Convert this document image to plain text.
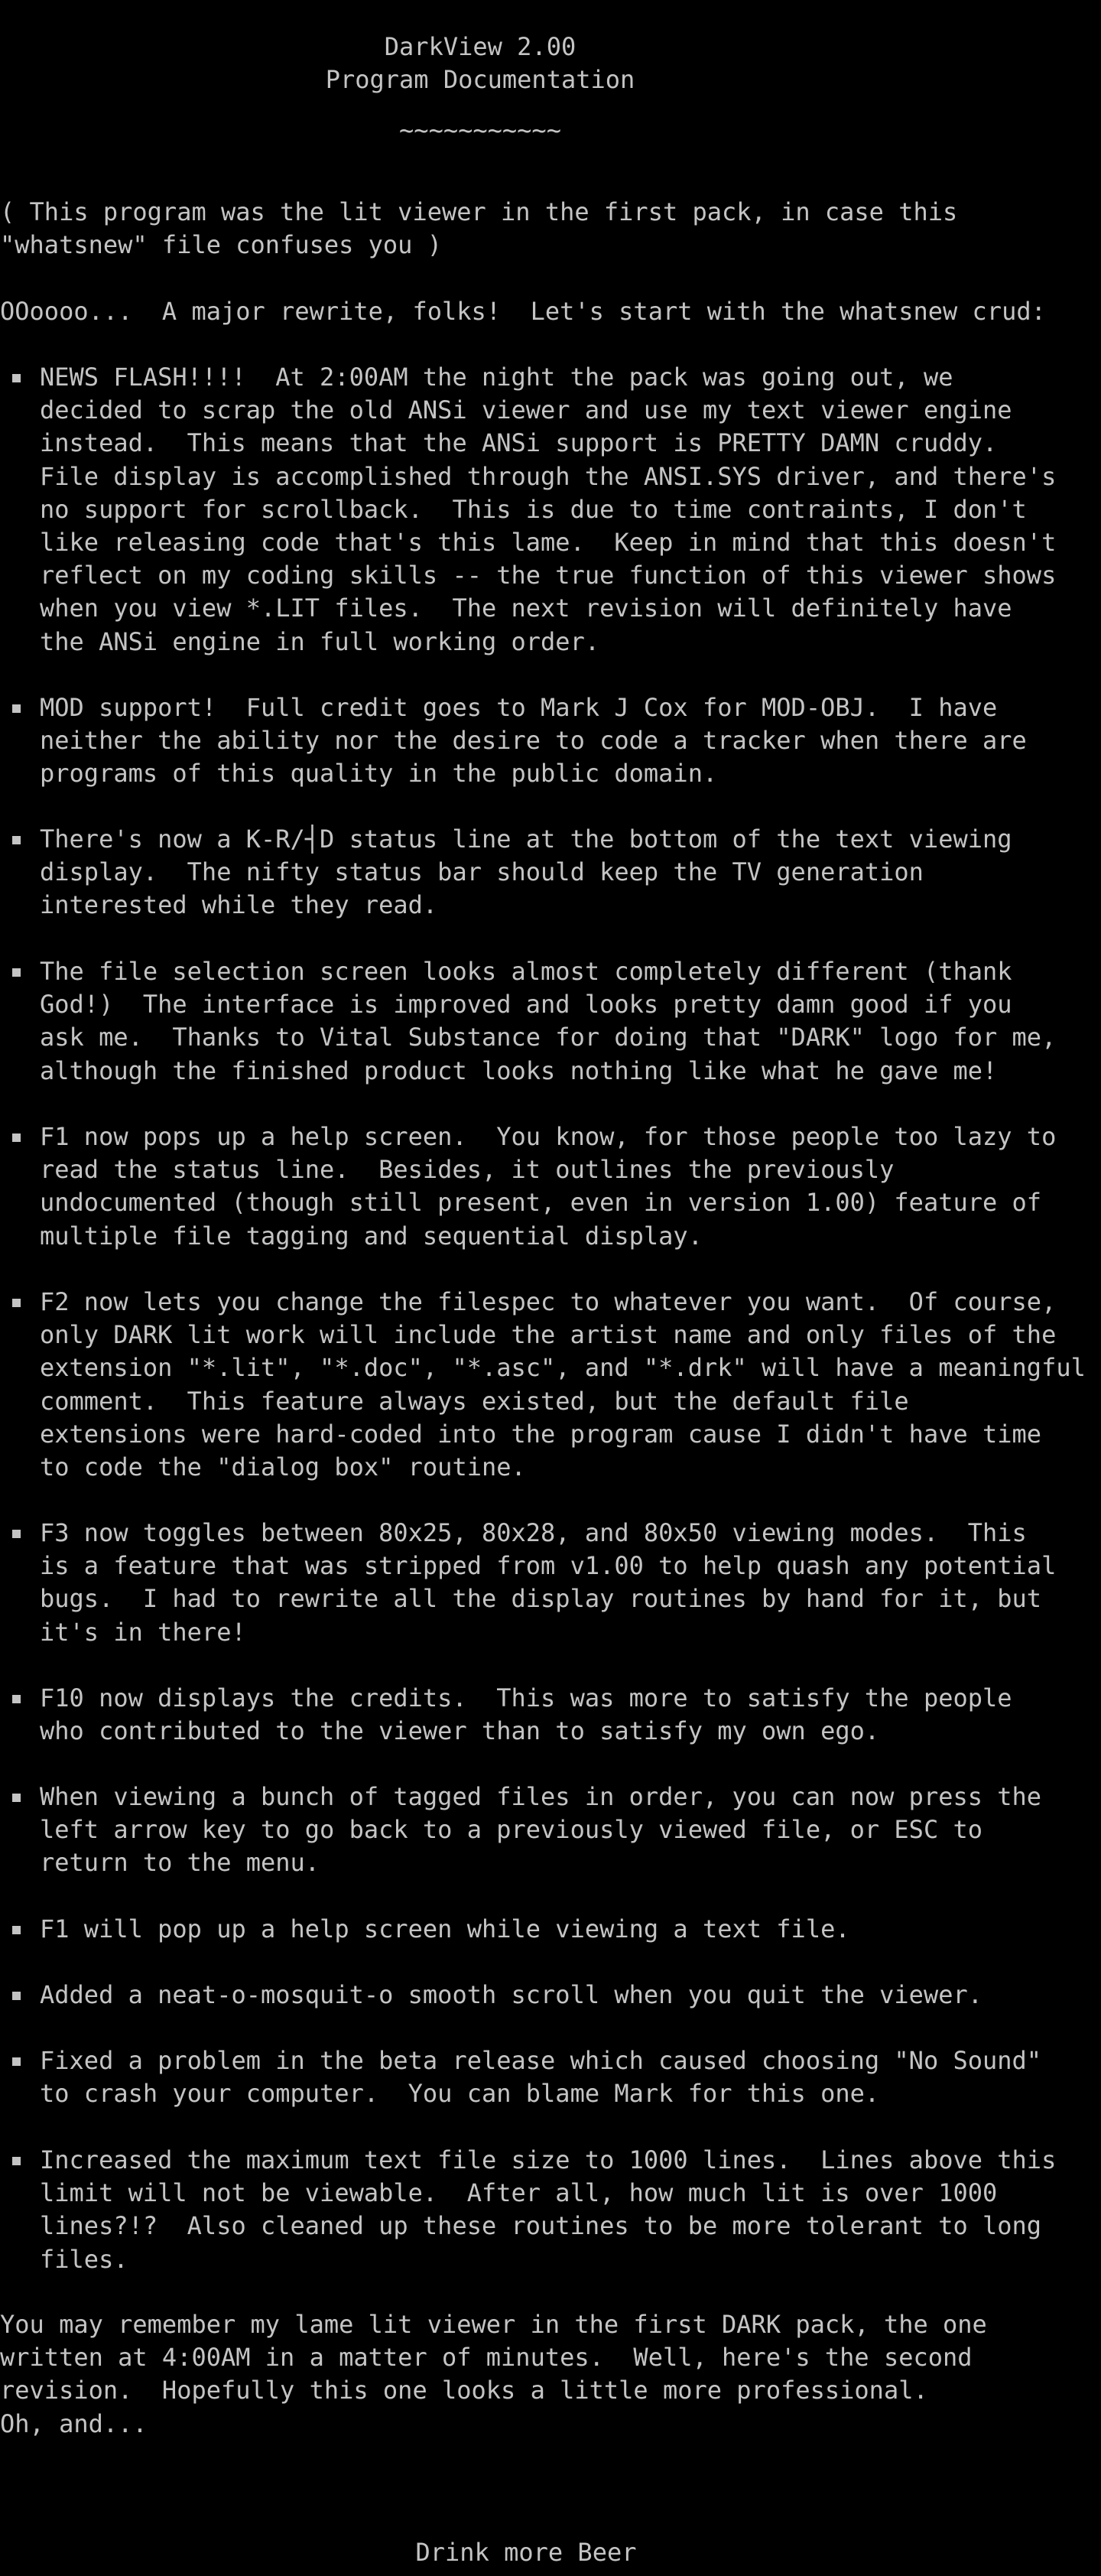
DarkView 2.00
Program Documentation
~~~~~~~~~~~
( This program was the lit viewer in the first pack, in case this
"whatsnew" file confuses you )
OOoooo...  A major rewrite, folks!  Let's start with the whatsnew crud:
NEWS FLASH!!!!  At 2:00AM the night the pack was going out, we
decided to scrap the old ANSi viewer and use my text viewer engine
instead.  This means that the ANSi support is PRETTY DAMN cruddy.
File display is accomplished through the ANSI.SYS driver, and there's
no support for scrollback.  This is due to time contraints, I don't
like releasing code that's this lame.  Keep in mind that this doesn't
reflect on my coding skills -- the true function of this viewer shows
when you view *.LIT files.  The next revision will definitely have
the ANSi engine in full working order.
MOD support!  Full credit goes to Mark J Cox for MOD-OBJ.  I have
neither the ability nor the desire to code a tracker when there are
programs of this quality in the public domain.
There's now a K-R/┤D status line at the bottom of the text viewing
display.  The nifty status bar should keep the TV generation
interested while they read.
The file selection screen looks almost completely different (thank
God!)  The interface is improved and looks pretty damn good if you
ask me.  Thanks to Vital Substance for doing that "DARK" logo for me,
although the finished product looks nothing like what he gave me!
F1 now pops up a help screen.  You know, for those people too lazy to
read the status line.  Besides, it outlines the previously
undocumented (though still present, even in version 1.00) feature of
multiple file tagging and sequential display.
F2 now lets you change the filespec to whatever you want.  Of course,
only DARK lit work will include the artist name and only files of the
extension "*.lit", "*.doc", "*.asc", and "*.drk" will have a meaningful
comment.  This feature always existed, but the default file
extensions were hard-coded into the program cause I didn't have time
to code the "dialog box" routine.
F3 now toggles between 80x25, 80x28, and 80x50 viewing modes.  This
is a feature that was stripped from v1.00 to help quash any potential
bugs.  I had to rewrite all the display routines by hand for it, but
it's in there!
F10 now displays the credits.  This was more to satisfy the people
who contributed to the viewer than to satisfy my own ego.
When viewing a bunch of tagged files in order, you can now press the
left arrow key to go back to a previously viewed file, or ESC to
return to the menu.
F1 will pop up a help screen while viewing a text file.
Added a neat-o-mosquit-o smooth scroll when you quit the viewer.
Fixed a problem in the beta release which caused choosing "No Sound"
to crash your computer.  You can blame Mark for this one.
Increased the maximum text file size to 1000 lines.  Lines above this
limit will not be viewable.  After all, how much lit is over 1000
lines?!?  Also cleaned up these routines to be more tolerant to long
files.
You may remember my lame lit viewer in the first DARK pack, the one
written at 4:00AM in a matter of minutes.  Well, here's the second
revision.  Hopefully this one looks a little more professional.
Oh, and...
Drink more Beer
